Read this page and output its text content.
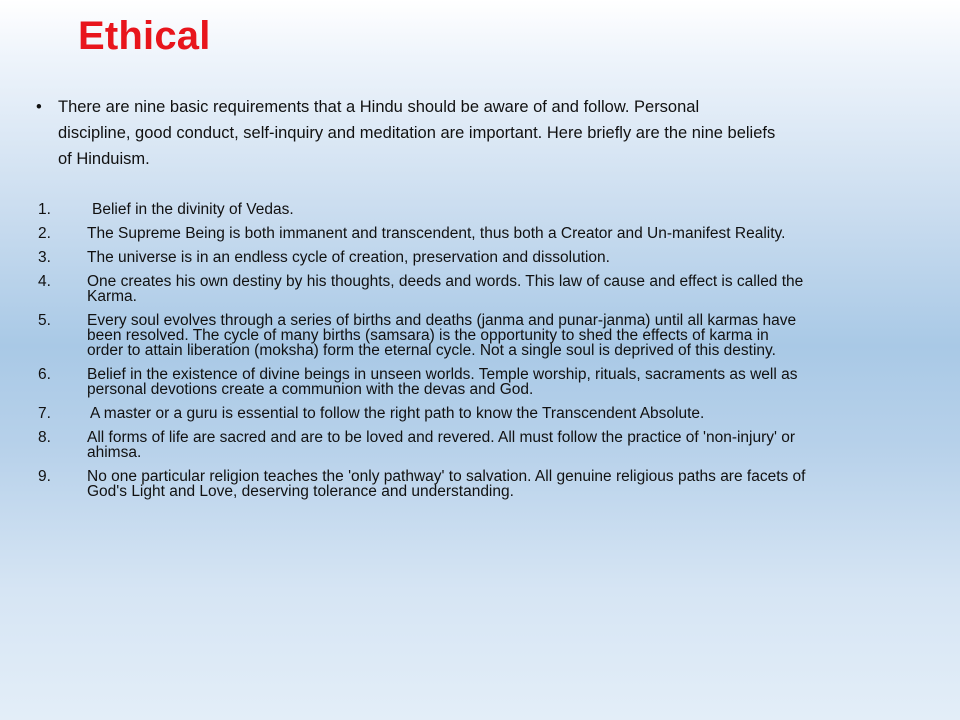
Ethical
• There are nine basic requirements that a Hindu should be aware of and follow. Personal discipline, good conduct, self-inquiry and meditation are important. Here briefly are the nine beliefs of Hinduism.
1.	Belief in the divinity of Vedas.
2. The Supreme Being is both immanent and transcendent, thus both a Creator and Un-manifest Reality.
3. The universe is in an endless cycle of creation, preservation and dissolution.
4. One creates his own destiny by his thoughts, deeds and words. This law of cause and effect is called the Karma.
5. Every soul evolves through a series of births and deaths (janma and punar-janma) until all karmas have been resolved. The cycle of many births (samsara) is the opportunity to shed the effects of karma in order to attain liberation (moksha) form the eternal cycle. Not a single soul is deprived of this destiny.
6. Belief in the existence of divine beings in unseen worlds. Temple worship, rituals, sacraments as well as personal devotions create a communion with the devas and God.
7.	A master or a guru is essential to follow the right path to know the Transcendent Absolute.
8. All forms of life are sacred and are to be loved and revered. All must follow the practice of 'non-injury' or ahimsa.
9. No one particular religion teaches the 'only pathway' to salvation. All genuine religious paths are facets of God's Light and Love, deserving tolerance and understanding.
